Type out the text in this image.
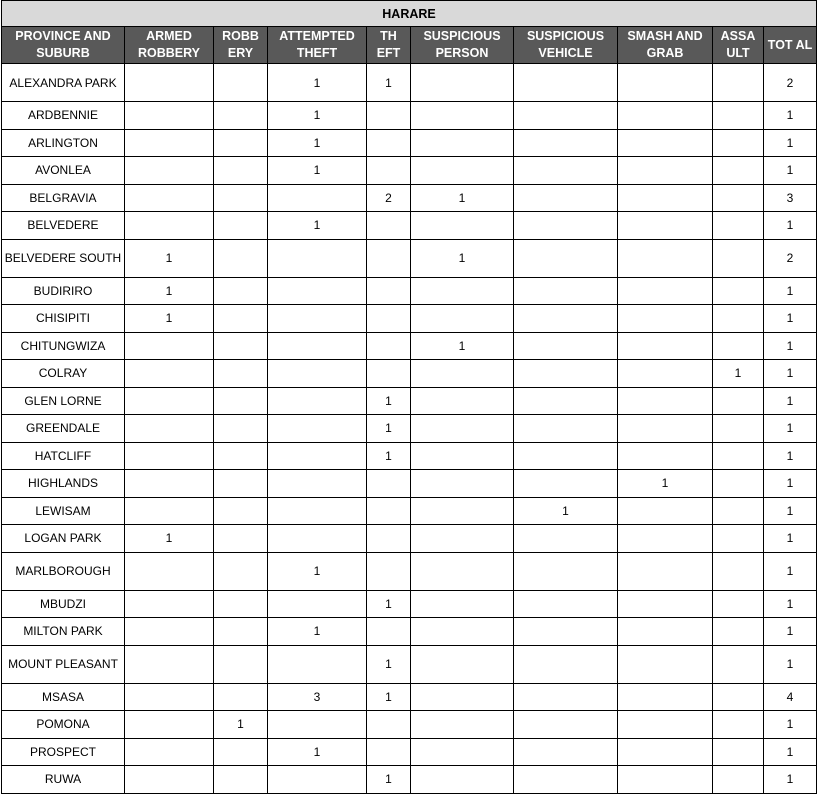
HARARE									
PROVINCE AND SUBURB	ARMED ROBBERY	ROBB ERY	ATTEMPTED THEFT	TH EFT	SUSPICIOUS PERSON	SUSPICIOUS VEHICLE	SMASH AND GRAB	ASSA ULT	TOT AL
ALEXANDRA PARK			1	1					2
ARDBENNIE			1						1
ARLINGTON			1						1
AVONLEA			1						1
BELGRAVIA				2	1				3
BELVEDERE			1						1
BELVEDERE SOUTH	1				1				2
BUDIRIRO	1								1
CHISIPITI	1								1
CHITUNGWIZA					1				1
COLRAY								1	1
GLEN LORNE				1					1
GREENDALE				1					1
HATCLIFF				1					1
HIGHLANDS							1		1
LEWISAM						1			1
LOGAN PARK	1								1
MARLBOROUGH			1						1
MBUDZI				1					1
MILTON PARK			1						1
MOUNT PLEASANT				1					1
MSASA			3	1					4
POMONA		1							1
PROSPECT			1						1
RUWA				1					1
